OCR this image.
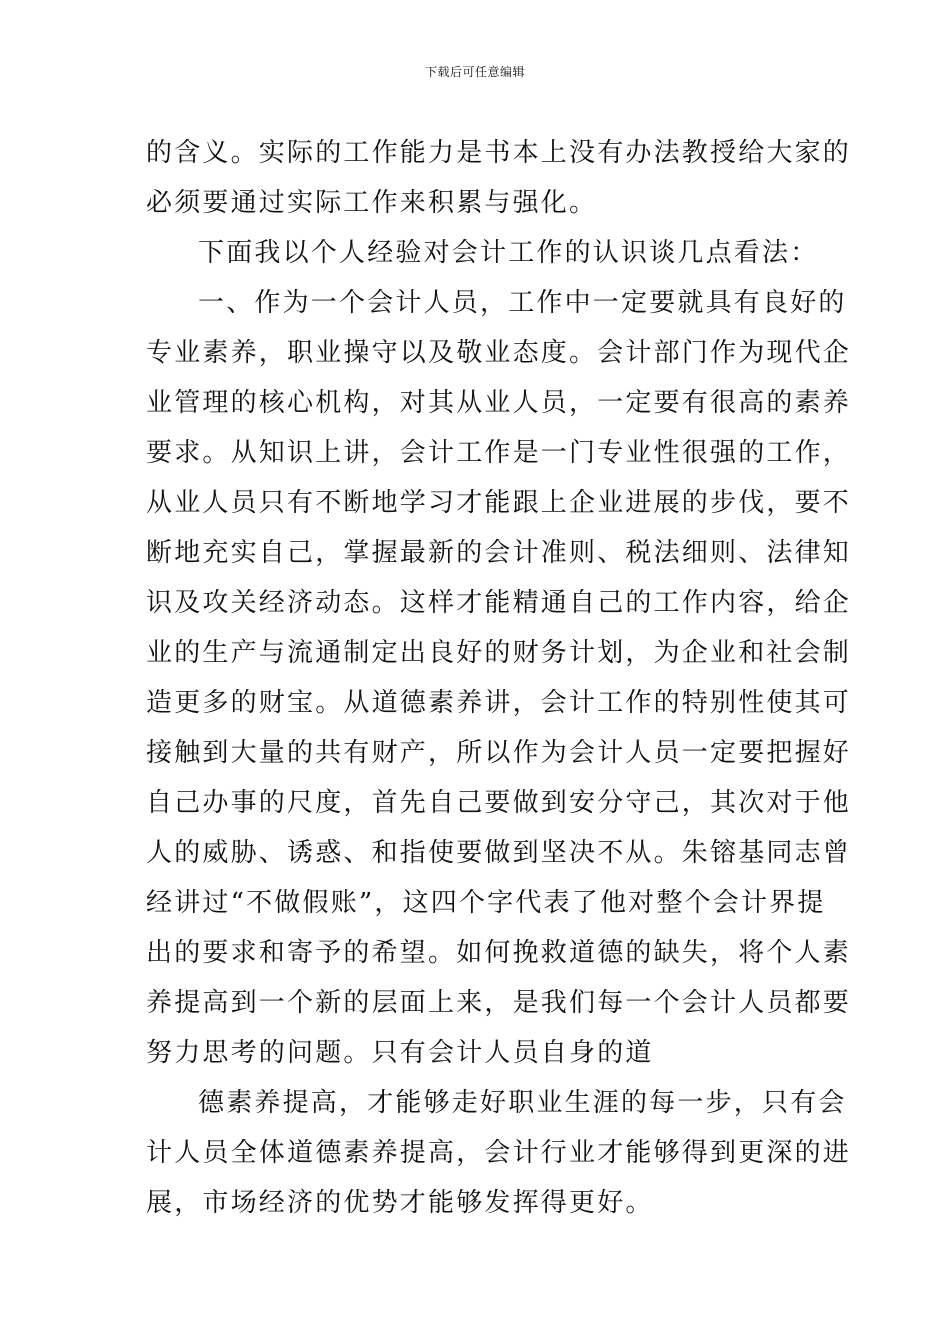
下载后可任意编辑
的含义。实际的工作能力是书本上没有办法教授给大家的
必须要通过实际工作来积累与强化。
下面我以个人经验对会计工作的认识谈几点看法：
一、作为一个会计人员，工作中一定要就具有良好的
专业素养，职业操守以及敬业态度。会计部门作为现代企
业管理的核心机构，对其从业人员，一定要有很高的素养
要求。从知识上讲，会计工作是一门专业性很强的工作，
从业人员只有不断地学习才能跟上企业进展的步伐，要不
断地充实自己，掌握最新的会计准则、税法细则、法律知
识及攻关经济动态。这样才能精通自己的工作内容，给企
业的生产与流通制定出良好的财务计划，为企业和社会制
造更多的财宝。从道德素养讲，会计工作的特别性使其可
接触到大量的共有财产，所以作为会计人员一定要把握好
自己办事的尺度，首先自己要做到安分守己，其次对于他
人的威胁、诱惑、和指使要做到坚决不从。朱镕基同志曾
经讲过“不做假账”，这四个字代表了他对整个会计界提
出的要求和寄予的希望。如何挽救道德的缺失，将个人素
养提高到一个新的层面上来，是我们每一个会计人员都要
努力思考的问题。只有会计人员自身的道
德素养提高，才能够走好职业生涯的每一步，只有会
计人员全体道德素养提高，会计行业才能够得到更深的进
展，市场经济的优势才能够发挥得更好。
